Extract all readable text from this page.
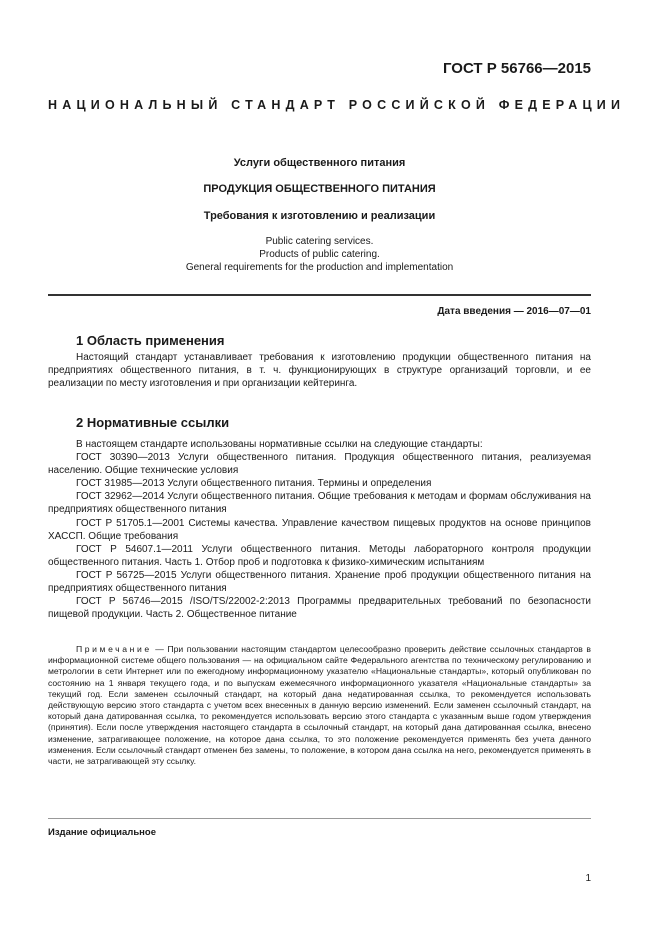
ГОСТ Р 56766—2015
НАЦИОНАЛЬНЫЙ СТАНДАРТ РОССИЙСКОЙ ФЕДЕРАЦИИ
Услуги общественного питания
ПРОДУКЦИЯ ОБЩЕСТВЕННОГО ПИТАНИЯ
Требования к изготовлению и реализации
Public catering services.
Products of public catering.
General requirements for the production and implementation
Дата введения — 2016—07—01
1 Область применения

Настоящий стандарт устанавливает требования к изготовлению продукции общественного питания на предприятиях общественного питания, в т. ч. функционирующих в структуре организаций торговли, и ее реализации по месту изготовления и при организации кейтеринга.

2 Нормативные ссылки

В настоящем стандарте использованы нормативные ссылки на следующие стандарты:

ГОСТ 30390—2013 Услуги общественного питания. Продукция общественного питания, реализуемая населению. Общие технические условия

ГОСТ 31985—2013 Услуги общественного питания. Термины и определения

ГОСТ 32962—2014 Услуги общественного питания. Общие требования к методам и формам обслуживания на предприятиях общественного питания

ГОСТ Р 51705.1—2001 Системы качества. Управление качеством пищевых продуктов на основе принципов ХАССП. Общие требования

ГОСТ Р 54607.1—2011 Услуги общественного питания. Методы лабораторного контроля продукции общественного питания. Часть 1. Отбор проб и подготовка к физико-химическим испытаниям

ГОСТ Р 56725—2015 Услуги общественного питания. Хранение проб продукции общественного питания на предприятиях общественного питания

ГОСТ Р 56746—2015 /ISO/TS/22002-2:2013 Программы предварительных требований по безопасности пищевой продукции. Часть 2. Общественное питание

Примечание — При пользовании настоящим стандартом целесообразно проверить действие ссылочных стандартов в информационной системе общего пользования — на официальном сайте Федерального агентства по техническому регулированию и метрологии в сети Интернет или по ежегодному информационному указателю «Национальные стандарты», который опубликован по состоянию на 1 января текущего года, и по выпускам ежемесячного информационного указателя «Национальные стандарты» за текущий год. Если заменен ссылочный стандарт, на который дана недатированная ссылка, то рекомендуется использовать действующую версию этого стандарта с учетом всех внесенных в данную версию изменений. Если заменен ссылочный стандарт, на который дана датированная ссылка, то рекомендуется использовать версию этого стандарта с указанным выше годом утверждения (принятия). Если после утверждения настоящего стандарта в ссылочный стандарт, на который дана датированная ссылка, внесено изменение, затрагивающее положение, на которое дана ссылка, то это положение рекомендуется применять без учета данного изменения. Если ссылочный стандарт отменен без замены, то положение, в котором дана ссылка на него, рекомендуется применять в части, не затрагивающей эту ссылку.

Издание официальное
1
